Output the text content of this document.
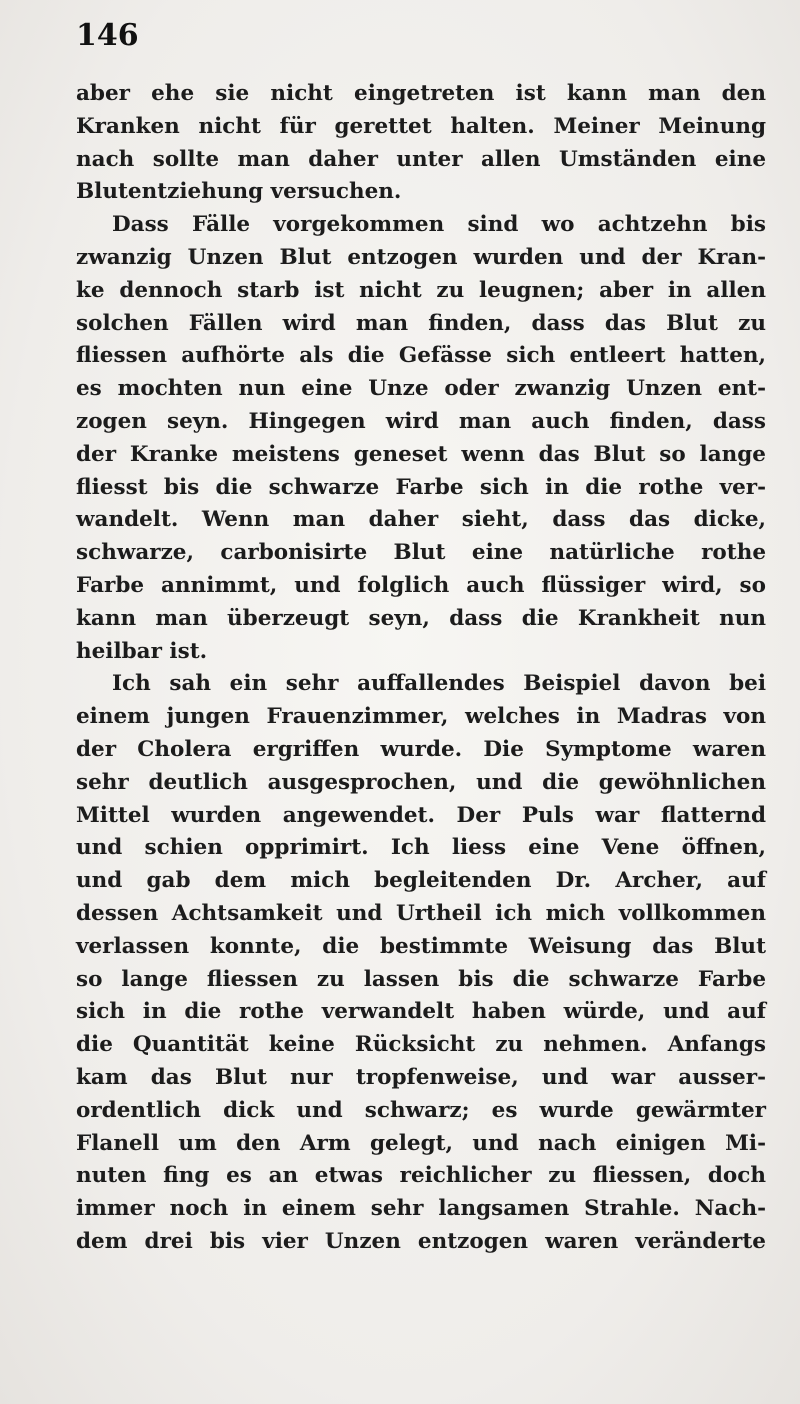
146
aber ehe sie nicht eingetreten ist kann man den
Kranken nicht für gerettet halten. Meiner Meinung
nach sollte man daher unter allen Umständen eine
Blutentziehung versuchen.
Dass Fälle vorgekommen sind wo achtzehn bis
zwanzig Unzen Blut entzogen wurden und der Kran-
ke dennoch starb ist nicht zu leugnen; aber in allen
solchen Fällen wird man finden, dass das Blut zu
fliessen aufhörte als die Gefässe sich entleert hatten,
es mochten nun eine Unze oder zwanzig Unzen ent-
zogen seyn. Hingegen wird man auch finden, dass
der Kranke meistens geneset wenn das Blut so lange
fliesst bis die schwarze Farbe sich in die rothe ver-
wandelt. Wenn man daher sieht, dass das dicke,
schwarze, carbonisirte Blut eine natürliche rothe
Farbe annimmt, und folglich auch flüssiger wird, so
kann man überzeugt seyn, dass die Krankheit nun
heilbar ist.
Ich sah ein sehr auffallendes Beispiel davon bei
einem jungen Frauenzimmer, welches in Madras von
der Cholera ergriffen wurde. Die Symptome waren
sehr deutlich ausgesprochen, und die gewöhnlichen
Mittel wurden angewendet. Der Puls war flatternd
und schien opprimirt. Ich liess eine Vene öffnen,
und gab dem mich begleitenden Dr. Archer, auf
dessen Achtsamkeit und Urtheil ich mich vollkommen
verlassen konnte, die bestimmte Weisung das Blut
so lange fliessen zu lassen bis die schwarze Farbe
sich in die rothe verwandelt haben würde, und auf
die Quantität keine Rücksicht zu nehmen. Anfangs
kam das Blut nur tropfenweise, und war ausser-
ordentlich dick und schwarz; es wurde gewärmter
Flanell um den Arm gelegt, und nach einigen Mi-
nuten fing es an etwas reichlicher zu fliessen, doch
immer noch in einem sehr langsamen Strahle. Nach-
dem drei bis vier Unzen entzogen waren veränderte
